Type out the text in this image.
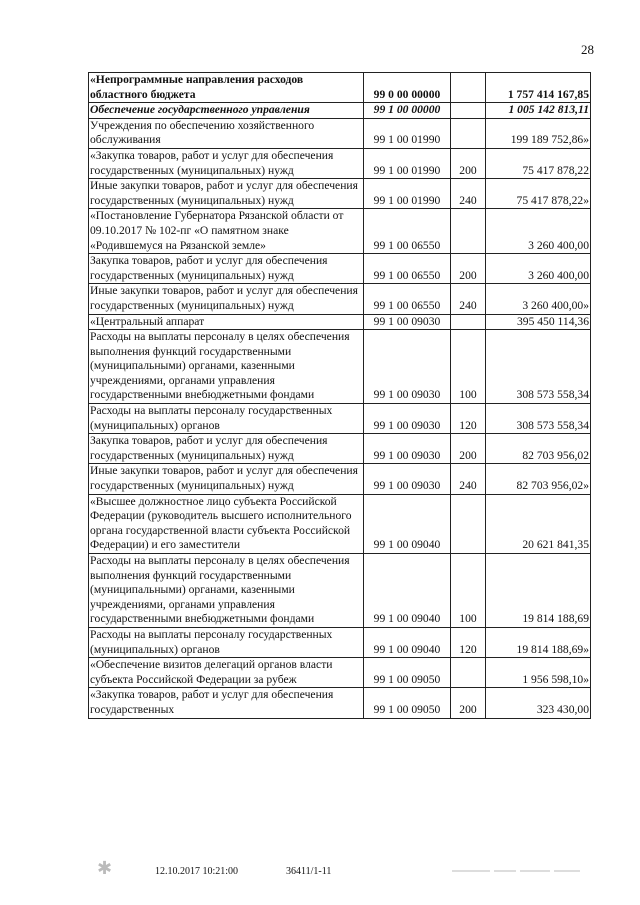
28
«Непрограммные направления расходов областного бюджета	99 0 00 00000		1 757 414 167,85
Обеспечение государственного управления	99 1 00 00000		1 005 142 813,11
Учреждения по обеспечению хозяйственного обслуживания	99 1 00 01990		199 189 752,86»
«Закупка товаров, работ и услуг для обеспечения государственных (муниципальных) нужд	99 1 00 01990	200	75 417 878,22
Иные закупки товаров, работ и услуг для обеспечения государственных (муниципальных) нужд	99 1 00 01990	240	75 417 878,22»
«Постановление Губернатора Рязанской области от 09.10.2017 № 102-пг «О памятном знаке «Родившемуся на Рязанской земле»	99 1 00 06550		3 260 400,00
Закупка товаров, работ и услуг для обеспечения государственных (муниципальных) нужд	99 1 00 06550	200	3 260 400,00
Иные закупки товаров, работ и услуг для обеспечения государственных (муниципальных) нужд	99 1 00 06550	240	3 260 400,00»
«Центральный аппарат	99 1 00 09030		395 450 114,36
Расходы на выплаты персоналу в целях обеспечения выполнения функций государственными (муниципальными) органами, казенными учреждениями, органами управления государственными внебюджетными фондами	99 1 00 09030	100	308 573 558,34
Расходы на выплаты персоналу государственных (муниципальных) органов	99 1 00 09030	120	308 573 558,34
Закупка товаров, работ и услуг для обеспечения государственных (муниципальных) нужд	99 1 00 09030	200	82 703 956,02
Иные закупки товаров, работ и услуг для обеспечения государственных (муниципальных) нужд	99 1 00 09030	240	82 703 956,02»
«Высшее должностное лицо субъекта Российской Федерации (руководитель высшего исполнительного органа государственной власти субъекта Российской Федерации) и его заместители	99 1 00 09040		20 621 841,35
Расходы на выплаты персоналу в целях обеспечения выполнения функций государственными (муниципальными) органами, казенными учреждениями, органами управления государственными внебюджетными фондами	99 1 00 09040	100	19 814 188,69
Расходы на выплаты персоналу государственных (муниципальных) органов	99 1 00 09040	120	19 814 188,69»
«Обеспечение визитов делегаций органов власти субъекта Российской Федерации за рубеж	99 1 00 09050		1 956 598,10»
«Закупка товаров, работ и услуг для обеспечения государственных	99 1 00 09050	200	323 430,00
✱	12.10.2017 10:21:00	36411/1-11
